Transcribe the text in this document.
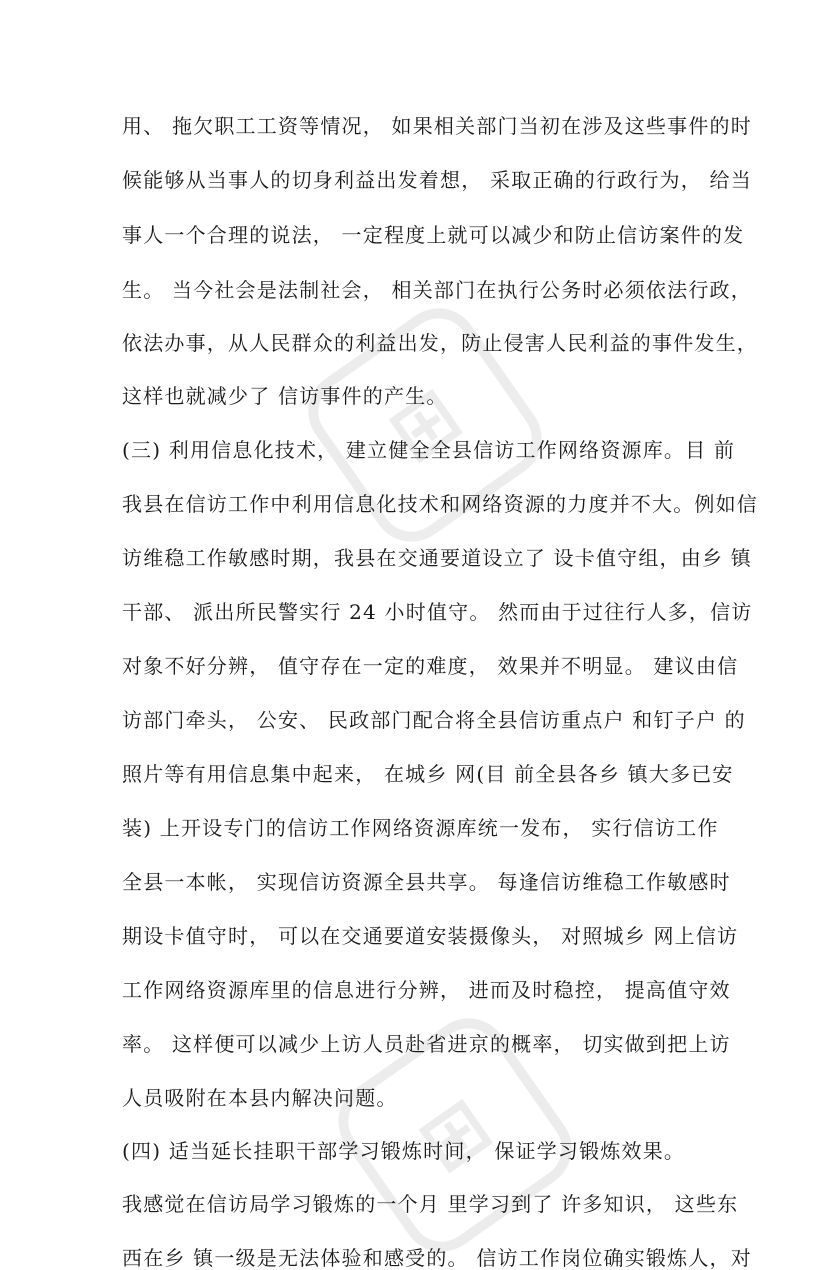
⊞
⊞
用、 拖欠职工工资等情况， 如果相关部门当初在涉及这些事件的时
候能够从当事人的切身利益出发着想， 采取正确的行政行为， 给当
事人一个合理的说法， 一定程度上就可以减少和防止信访案件的发
生。 当今社会是法制社会， 相关部门在执行公务时必须依法行政，
依法办事，从人民群众的利益出发，防止侵害人民利益的事件发生，
这样也就减少了 信访事件的产生。
(三) 利用信息化技术， 建立健全全县信访工作网络资源库。目 前
我县在信访工作中利用信息化技术和网络资源的力度并不大。例如信
访维稳工作敏感时期，我县在交通要道设立了 设卡值守组，由乡 镇
干部、 派出所民警实行 24 小时值守。 然而由于过往行人多，信访
对象不好分辨， 值守存在一定的难度， 效果并不明显。 建议由信
访部门牵头， 公安、 民政部门配合将全县信访重点户 和钉子户 的
照片等有用信息集中起来， 在城乡 网(目 前全县各乡 镇大多已安
装) 上开设专门的信访工作网络资源库统一发布， 实行信访工作
全县一本帐， 实现信访资源全县共享。 每逢信访维稳工作敏感时
期设卡值守时， 可以在交通要道安装摄像头， 对照城乡 网上信访
工作网络资源库里的信息进行分辨， 进而及时稳控， 提高值守效
率。 这样便可以减少上访人员赴省进京的概率， 切实做到把上访
人员吸附在本县内解决问题。
(四) 适当延长挂职干部学习锻炼时间， 保证学习锻炼效果。
我感觉在信访局学习锻炼的一个月 里学习到了 许多知识， 这些东
西在乡 镇一级是无法体验和感受的。 信访工作岗位确实锻炼人，对
